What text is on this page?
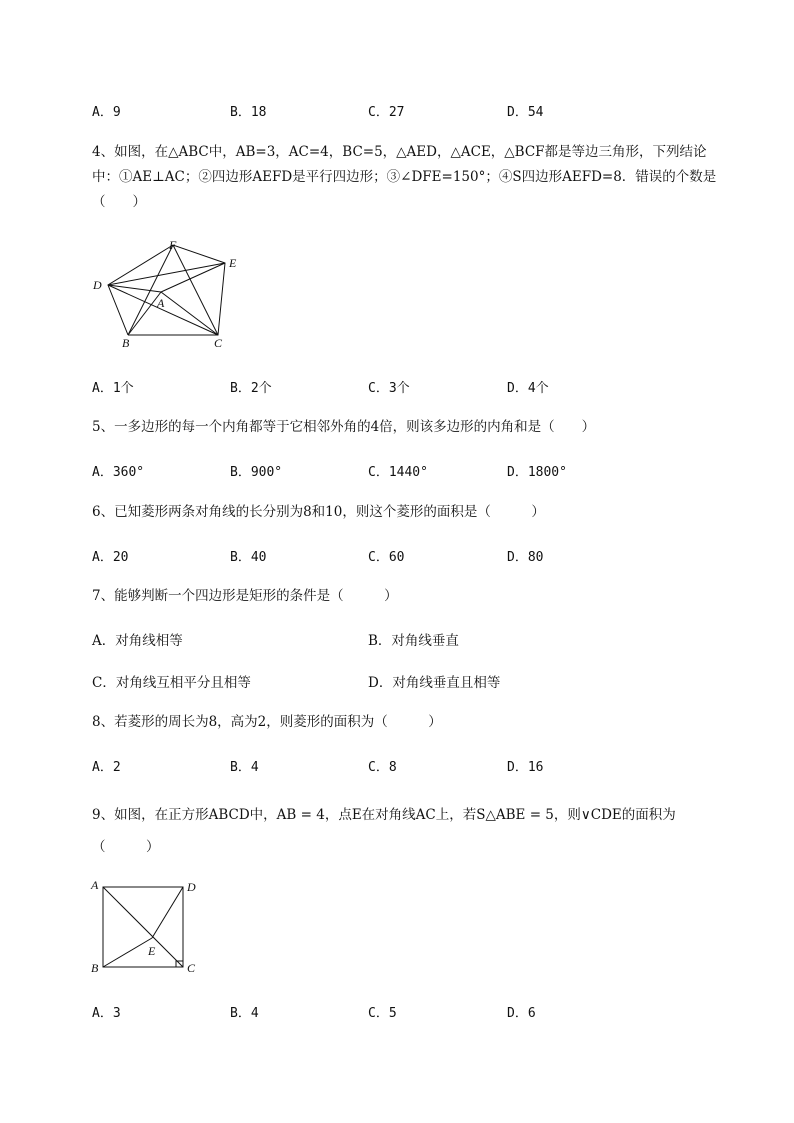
A．9	B．18	C．27	D．54
4、如图，在△ABC中，AB=3，AC=4，BC=5，△AED，△ACE，△BCF都是等边三角形，下列结论
中：①AE⊥AC；②四边形AEFD是平行四边形；③∠DFE=150°；④S四边形AEFD=8．错误的个数是
（　　）
F
E
D
A
B	C
A．1个	B．2个	C．3个	D．4个
5、一多边形的每一个内角都等于它相邻外角的4倍，则该多边形的内角和是（　　）
A．360°	B．900°	C．1440°	D．1800°
6、已知菱形两条对角线的长分别为8和10，则这个菱形的面积是（　　　）
A．20	B．40	C．60	D．80
7、能够判断一个四边形是矩形的条件是（　　　）
A．对角线相等	B．对角线垂直
C．对角线互相平分且相等	D．对角线垂直且相等
8、若菱形的周长为8，高为2，则菱形的面积为（　　　）
A．2	B．4	C．8	D．16
9、如图，在正方形ABCD中，AB = 4，点E在对角线AC上，若S△ABE = 5，则∨CDE的面积为
（　　　）
A	D
B	C
E
A．3	B．4	C．5	D．6
